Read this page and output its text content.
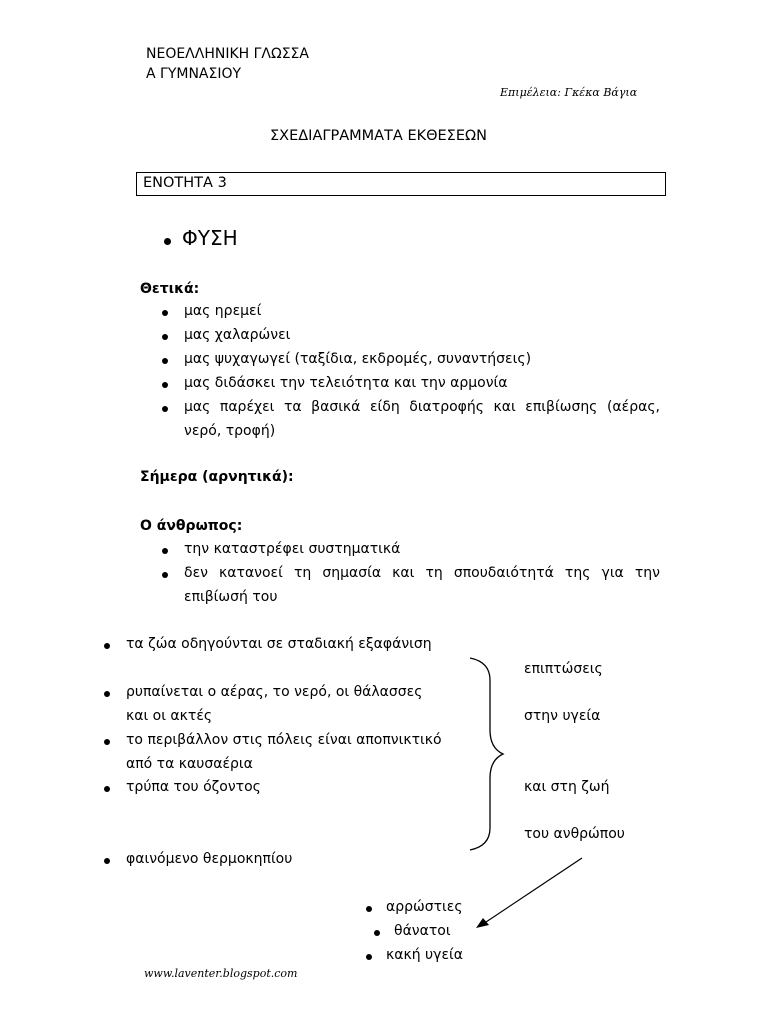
ΝΕΟΕΛΛΗΝΙΚΗ ΓΛΩΣΣΑ
Α ΓΥΜΝΑΣΙΟΥ
Επιμέλεια: Γκέκα Βάγια
ΣΧΕΔΙΑΓΡΑΜΜΑΤΑ ΕΚΘΕΣΕΩΝ
ΕΝΟΤΗΤΑ 3
ΦΥΣΗ
Θετικά:
μας ηρεμεί
μας χαλαρώνει
μας ψυχαγωγεί (ταξίδια, εκδρομές, συναντήσεις)
μας διδάσκει την τελειότητα και την αρμονία
μας παρέχει τα βασικά είδη διατροφής και επιβίωσης (αέρας,
νερό, τροφή)
Σήμερα (αρνητικά):
Ο άνθρωπος:
την καταστρέφει συστηματικά
δεν κατανοεί τη σημασία και τη σπουδαιότητά της για την
επιβίωσή του
τα ζώα οδηγούνται σε σταδιακή εξαφάνιση
ρυπαίνεται ο αέρας, το νερό, οι θάλασσες
και οι ακτές
το περιβάλλον στις πόλεις είναι αποπνικτικό
από τα καυσαέρια
τρύπα του όζοντος
φαινόμενο θερμοκηπίου
επιπτώσεις
στην υγεία
και στη ζωή
του ανθρώπου
αρρώστιες
θάνατοι
κακή υγεία
www.laventer.blogspot.com
